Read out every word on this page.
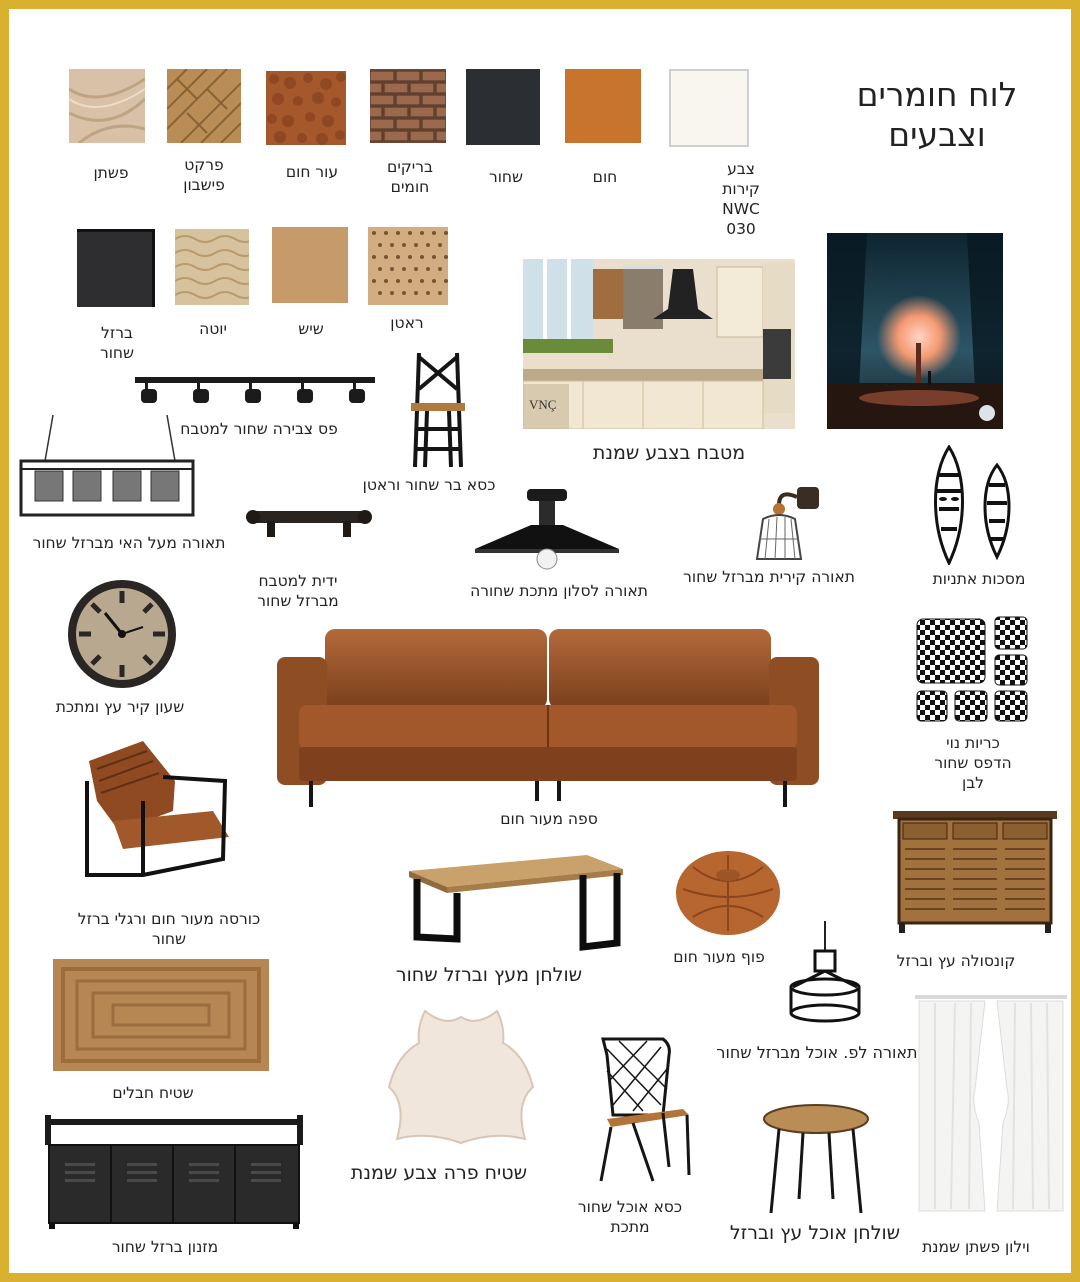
לוח חומרים
וצבעים
צבע
קירות
NWC
030
חום
שחור
בריקים
חומים
עור חום
פרקט
פישבון
פשתן
ראטן
שיש
יוטה
ברזל
שחור
VNÇ
מטבח בצבע שמנת
פס צבירה שחור למטבח
כסא בר שחור וראטן
תאורה מעל האי מברזל שחור
ידית למטבח
מברזל שחור
תאורה לסלון מתכת שחורה
תאורה קירית מברזל שחור	מסכות אתניות
שעון קיר עץ ומתכת
כריות נוי
הדפס שחור
לבן
ספה מעור חום
כורסה מעור חום ורגלי ברזל
שחור
שולחן מעץ וברזל שחור
פוף מעור חום	קונסולה עץ וברזל
שטיח חבלים
שטיח פרה צבע שמנת
תאורה לפ. אוכל מברזל שחור
כסא אוכל שחור
מתכת	שולחן אוכל עץ וברזל
וילון פשתן שמנת
מזנון ברזל שחור
